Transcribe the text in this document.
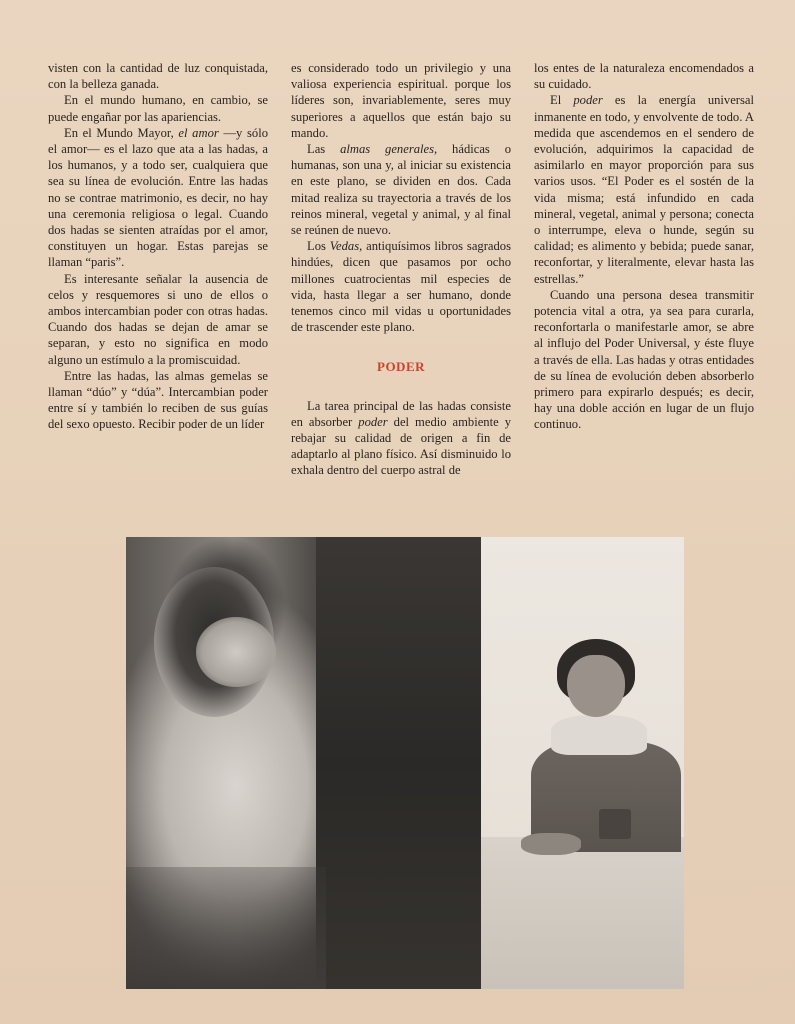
visten con la cantidad de luz conquistada, con la belleza ganada.

En el mundo humano, en cambio, se puede engañar por las apariencias.

En el Mundo Mayor, el amor —y sólo el amor— es el lazo que ata a las hadas, a los humanos, y a todo ser, cualquiera que sea su línea de evolución. Entre las hadas no se contrae matrimonio, es decir, no hay una ceremonia religiosa o legal. Cuando dos hadas se sienten atraídas por el amor, constituyen un hogar. Estas parejas se llaman “paris”.

Es interesante señalar la ausencia de celos y resquemores si uno de ellos o ambos intercambian poder con otras hadas. Cuando dos hadas se dejan de amar se separan, y esto no significa en modo alguno un estímulo a la promiscuidad.

Entre las hadas, las almas gemelas se llaman “dúo” y “dúa”. Intercambian poder entre sí y también lo reciben de sus guías del sexo opuesto. Recibir poder de un líder

es considerado todo un privilegio y una valiosa experiencia espiritual. porque los líderes son, invariablemente, seres muy superiores a aquellos que están bajo su mando.

Las almas generales, hádicas o humanas, son una y, al iniciar su existencia en este plano, se dividen en dos. Cada mitad realiza su trayectoria a través de los reinos mineral, vegetal y animal, y al final se reúnen de nuevo.

Los Vedas, antiquísimos libros sagrados hindúes, dicen que pasamos por ocho millones cuatrocientas mil especies de vida, hasta llegar a ser humano, donde tenemos cinco mil vidas u oportunidades de trascender este plano.

PODER

La tarea principal de las hadas consiste en absorber poder del medio ambiente y rebajar su calidad de origen a fin de adaptarlo al plano físico. Así disminuido lo exhala dentro del cuerpo astral de

los entes de la naturaleza encomendados a su cuidado.

El poder es la energía universal inmanente en todo, y envolvente de todo. A medida que ascendemos en el sendero de evolución, adquirimos la capacidad de asimilarlo en mayor proporción para sus varios usos. “El Poder es el sostén de la vida misma; está infundido en cada mineral, vegetal, animal y persona; conecta o interrumpe, eleva o hunde, según su calidad; es alimento y bebida; puede sanar, reconfortar, y literalmente, elevar hasta las estrellas.”

Cuando una persona desea transmitir potencia vital a otra, ya sea para curarla, reconfortarla o manifestarle amor, se abre al influjo del Poder Universal, y éste fluye a través de ella. Las hadas y otras entidades de su línea de evolución deben absorberlo primero para expirarlo después; es decir, hay una doble acción en lugar de un flujo continuo.
